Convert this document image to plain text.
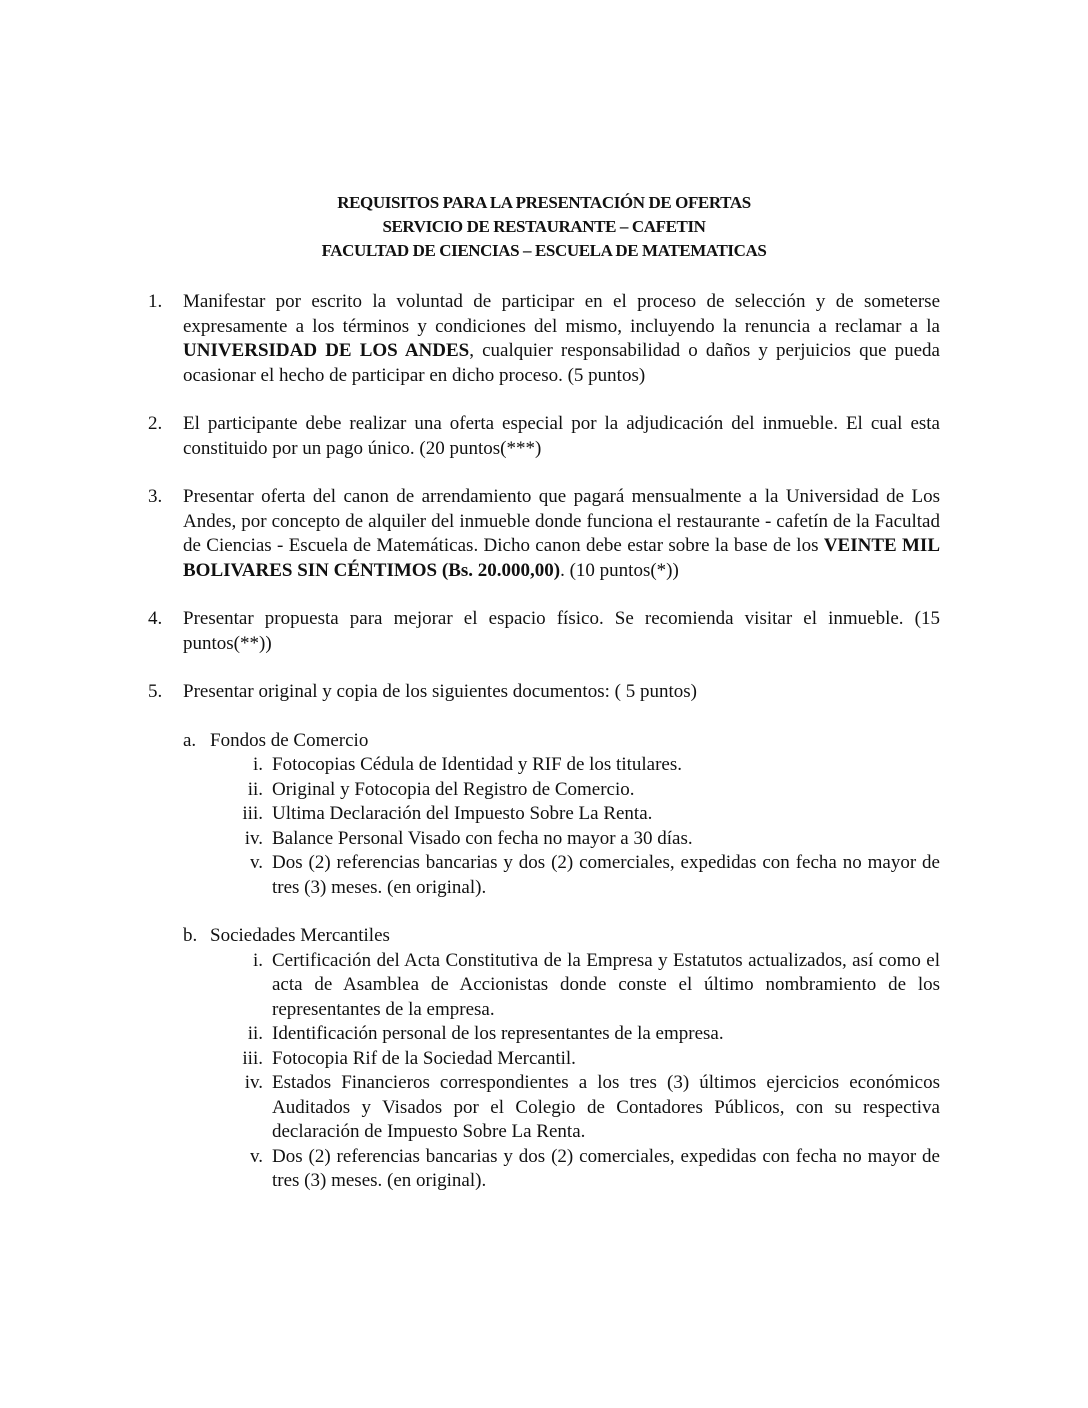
REQUISITOS PARA LA PRESENTACIÓN DE OFERTAS
SERVICIO DE RESTAURANTE – CAFETIN
FACULTAD DE CIENCIAS – ESCUELA DE MATEMATICAS
1. Manifestar por escrito la voluntad de participar en el proceso de selección y de someterse expresamente a los términos y condiciones del mismo, incluyendo la renuncia a reclamar a la UNIVERSIDAD DE LOS ANDES, cualquier responsabilidad o daños y perjuicios que pueda ocasionar el hecho de participar en dicho proceso. (5 puntos)

2. El participante debe realizar una oferta especial por la adjudicación del inmueble. El cual esta constituido por un pago único. (20 puntos(***)

3. Presentar oferta del canon de arrendamiento que pagará mensualmente a la Universidad de Los Andes, por concepto de alquiler del inmueble donde funciona el restaurante - cafetín de la Facultad de Ciencias - Escuela de Matemáticas. Dicho canon debe estar sobre la base de los VEINTE MIL BOLIVARES SIN CÉNTIMOS (Bs. 20.000,00). (10 puntos(*))

4. Presentar propuesta para mejorar el espacio físico. Se recomienda visitar el inmueble. (15 puntos(**))

5. Presentar original y copia de los siguientes documentos: ( 5 puntos)

a. Fondos de Comercio
i. Fotocopias Cédula de Identidad y RIF de los titulares.
ii. Original y Fotocopia del Registro de Comercio.
iii. Ultima Declaración del Impuesto Sobre La Renta.
iv. Balance Personal Visado con fecha no mayor a 30 días.
v. Dos (2) referencias bancarias y dos (2) comerciales, expedidas con fecha no mayor de tres (3) meses. (en original).
b. Sociedades Mercantiles
i. Certificación del Acta Constitutiva de la Empresa y Estatutos actualizados, así como el acta de Asamblea de Accionistas donde conste el último nombramiento de los representantes de la empresa.
ii. Identificación personal de los representantes de la empresa.
iii. Fotocopia Rif de la Sociedad Mercantil.
iv. Estados Financieros correspondientes a los tres (3) últimos ejercicios económicos Auditados y Visados por el Colegio de Contadores Públicos, con su respectiva declaración de Impuesto Sobre La Renta.
v. Dos (2) referencias bancarias y dos (2) comerciales, expedidas con fecha no mayor de tres (3) meses. (en original).
